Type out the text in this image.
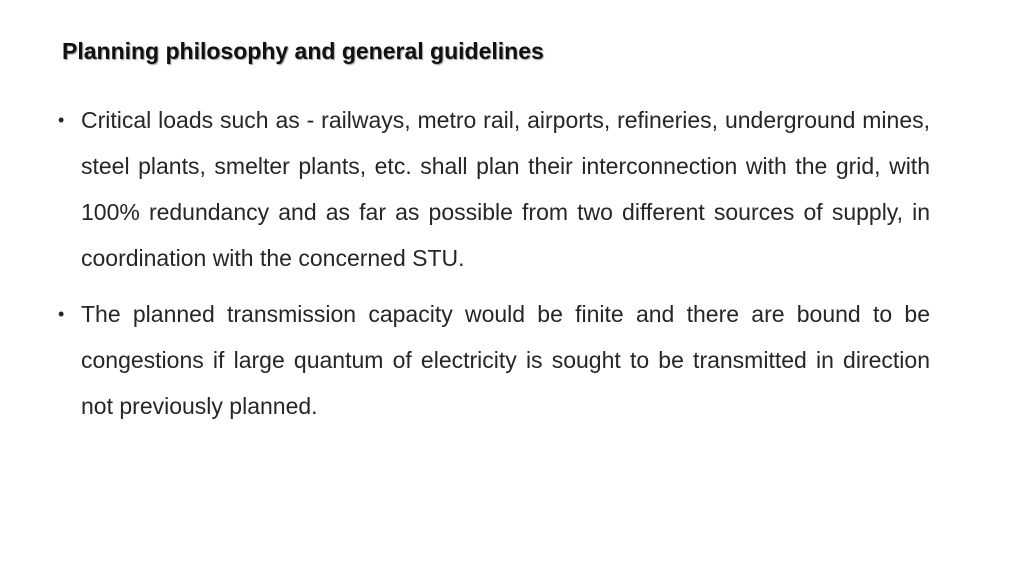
Planning philosophy and general guidelines
• Critical loads such as - railways, metro rail, airports, refineries, underground mines, steel plants, smelter plants, etc. shall plan their interconnection with the grid, with 100% redundancy and as far as possible from two different sources of supply, in coordination with the concerned STU.
• The planned transmission capacity would be finite and there are bound to be congestions if large quantum of electricity is sought to be transmitted in direction not previously planned.
